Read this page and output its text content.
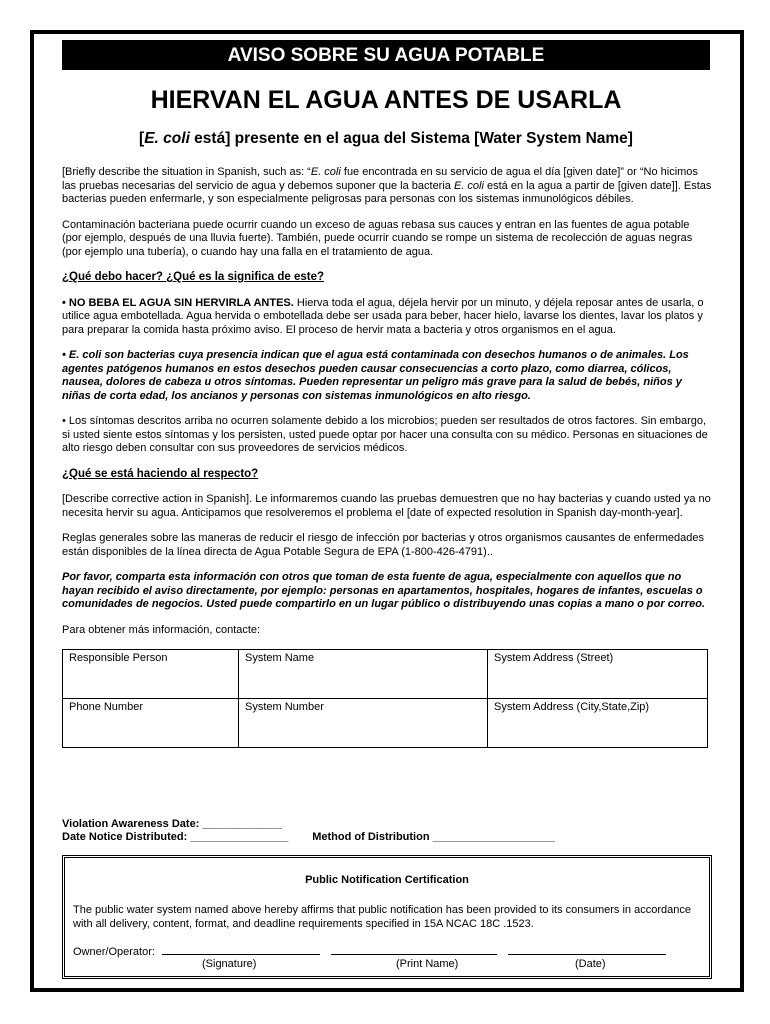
AVISO SOBRE SU AGUA POTABLE
HIERVAN EL AGUA ANTES DE USARLA
[E. coli está] presente en el agua del Sistema [Water System Name]

[Briefly describe the situation in Spanish, such as: “E. coli fue encontrada en su servicio de agua el día [given date]” or “No hicimos las pruebas necesarias del servicio de agua y debemos suponer que la bacteria E. coli está en la agua a partir de [given date]]. Estas bacterias pueden enfermarle, y son especialmente peligrosas para personas con los sistemas inmunológicos débiles.

Contaminación bacteriana puede ocurrir cuando un exceso de aguas rebasa sus cauces y entran en las fuentes de agua potable (por ejemplo, después de una lluvia fuerte). También, puede ocurrir cuando se rompe un sistema de recolección de aguas negras (por ejemplo una tubería), o cuando hay una falla en el tratamiento de agua.

¿Qué debo hacer? ¿Qué es la significa de este?

• NO BEBA EL AGUA SIN HERVIRLA ANTES. Hierva toda el agua, déjela hervir por un minuto, y déjela reposar antes de usarla, o utilice agua embotellada. Agua hervida o embotellada debe ser usada para beber, hacer hielo, lavarse los dientes, lavar los platos y para preparar la comida hasta próximo aviso. El proceso de hervir mata a bacteria y otros organismos en el agua.

• E. coli son bacterias cuya presencia indican que el agua está contaminada con desechos humanos o de animales. Los agentes patógenos humanos en estos desechos pueden causar consecuencias a corto plazo, como diarrea, cólicos, nausea, dolores de cabeza u otros síntomas. Pueden representar un peligro más grave para la salud de bebés, niños y niñas de corta edad, los ancianos y personas con sistemas inmunológicos en alto riesgo.

• Los síntomas descritos arriba no ocurren solamente debido a los microbios; pueden ser resultados de otros factores. Sin embargo, si usted siente estos síntomas y los persisten, usted puede optar por hacer una consulta con su médico. Personas en situaciones de alto riesgo deben consultar con sus proveedores de servicios médicos.

¿Qué se está haciendo al respecto?

[Describe corrective action in Spanish]. Le informaremos cuando las pruebas demuestren que no hay bacterias y cuando usted ya no necesita hervir su agua. Anticipamos que resolveremos el problema el [date of expected resolution in Spanish day-month-year].

Reglas generales sobre las maneras de reducir el riesgo de infección por bacterias y otros organismos causantes de enfermedades están disponibles de la línea directa de Agua Potable Segura de EPA (1-800-426-4791)..

Por favor, comparta esta información con otros que toman de esta fuente de agua, especialmente con aquellos que no hayan recibido el aviso directamente, por ejemplo: personas en apartamentos, hospitales, hogares de infantes, escuelas o comunidades de negocios. Usted puede compartirlo en un lugar público o distribuyendo unas copias a mano o por correo.

Para obtener más información, contacte:

Responsible Person	System Name	System Address (Street)
Phone Number	System Number	System Address (City,State,Zip)
Violation Awareness Date: _____________
Date Notice Distributed: ________________ Method of Distribution ____________________
Public Notification Certification
The public water system named above hereby affirms that public notification has been provided to its consumers in accordance with all delivery, content, format, and deadline requirements specified in 15A NCAC 18C .1523.
Owner/Operator:
(Signature)	(Print Name)	(Date)
